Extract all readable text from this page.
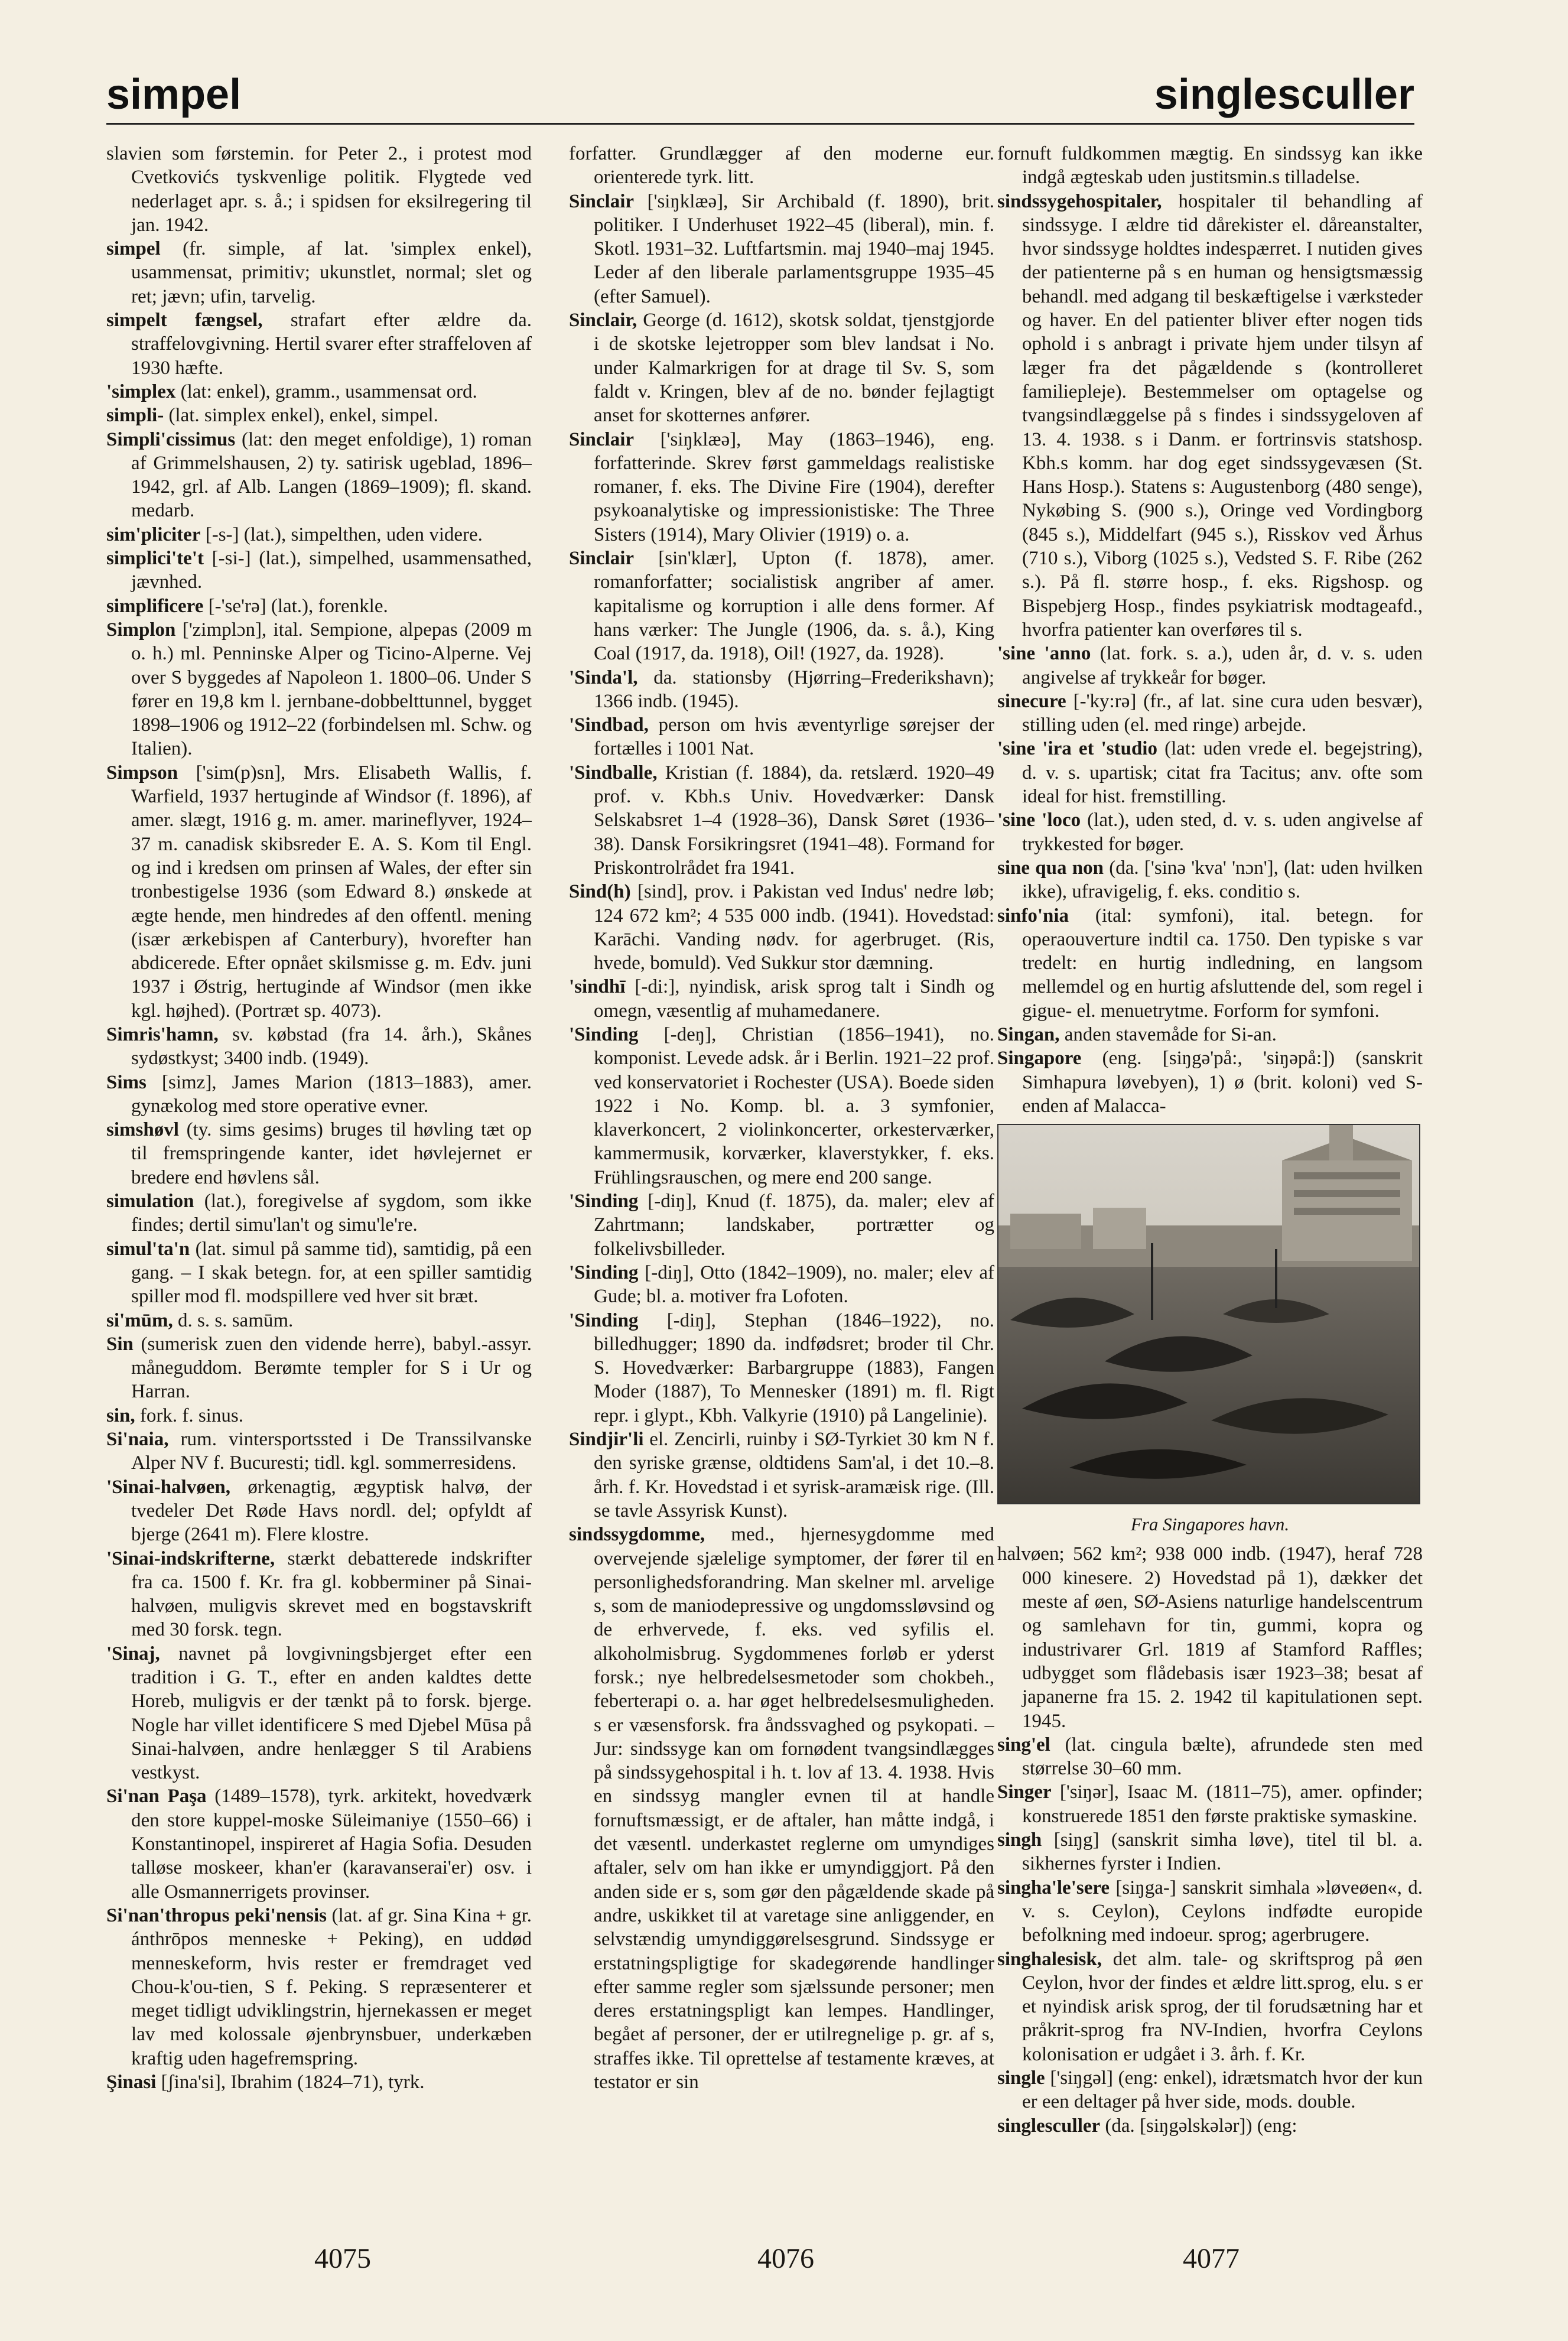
simpel	singlesculler

slavien som førstemin. for Peter 2., i protest mod Cvetkovićs tyskvenlige politik. Flygtede ved nederlaget apr. s. å.; i spidsen for eksilregering til jan. 1942.

simpel (fr. simple, af lat. 'simplex enkel), usammensat, primitiv; ukunstlet, normal; slet og ret; jævn; ufin, tarvelig.

simpelt fængsel, strafart efter ældre da. straffelovgivning. Hertil svarer efter straffeloven af 1930 hæfte.

'simplex (lat: enkel), gramm., usammensat ord.

simpli- (lat. simplex enkel), enkel, simpel.

Simpli'cissimus (lat: den meget enfoldige), 1) roman af Grimmelshausen, 2) ty. satirisk ugeblad, 1896–1942, grl. af Alb. Langen (1869–1909); fl. skand. medarb.

sim'pliciter [-s-] (lat.), simpelthen, uden videre.

simplici'te't [-si-] (lat.), simpelhed, usammensathed, jævnhed.

simplificere [-'se'rə] (lat.), forenkle.

Simplon ['zimplɔn], ital. Sempione, alpepas (2009 m o. h.) ml. Penninske Alper og Ticino-Alperne. Vej over S byggedes af Napoleon 1. 1800–06. Under S fører en 19,8 km l. jernbane-dobbelttunnel, bygget 1898–1906 og 1912–22 (forbindelsen ml. Schw. og Italien).

Simpson ['sim(p)sn], Mrs. Elisabeth Wallis, f. Warfield, 1937 hertuginde af Windsor (f. 1896), af amer. slægt, 1916 g. m. amer. marineflyver, 1924–37 m. canadisk skibsreder E. A. S. Kom til Engl. og ind i kredsen om prinsen af Wales, der efter sin tronbestigelse 1936 (som Edward 8.) ønskede at ægte hende, men hindredes af den offentl. mening (især ærkebispen af Canterbury), hvorefter han abdicerede. Efter opnået skilsmisse g. m. Edv. juni 1937 i Østrig, hertuginde af Windsor (men ikke kgl. højhed). (Portræt sp. 4073).

Simris'hamn, sv. købstad (fra 14. årh.), Skånes sydøstkyst; 3400 indb. (1949).

Sims [simz], James Marion (1813–1883), amer. gynækolog med store operative evner.

simshøvl (ty. sims gesims) bruges til høvling tæt op til fremspringende kanter, idet høvlejernet er bredere end høvlens sål.

simulation (lat.), foregivelse af sygdom, som ikke findes; dertil simu'lan't og simu'le're.

simul'ta'n (lat. simul på samme tid), samtidig, på een gang. – I skak betegn. for, at een spiller samtidig spiller mod fl. modspillere ved hver sit bræt.

si'mūm, d. s. s. samūm.

Sin (sumerisk zuen den vidende herre), babyl.-assyr. måneguddom. Berømte templer for S i Ur og Harran.

sin, fork. f. sinus.

Si'naia, rum. vintersportssted i De Transsilvanske Alper NV f. Bucuresti; tidl. kgl. sommerresidens.

'Sinai-halvøen, ørkenagtig, ægyptisk halvø, der tvedeler Det Røde Havs nordl. del; opfyldt af bjerge (2641 m). Flere klostre.

'Sinai-indskrifterne, stærkt debatterede indskrifter fra ca. 1500 f. Kr. fra gl. kobberminer på Sinai-halvøen, muligvis skrevet med en bogstavskrift med 30 forsk. tegn.

'Sinaj, navnet på lovgivningsbjerget efter een tradition i G. T., efter en anden kaldtes dette Horeb, muligvis er der tænkt på to forsk. bjerge. Nogle har villet identificere S med Djebel Mūsa på Sinai-halvøen, andre henlægger S til Arabiens vestkyst.

Si'nan Paşa (1489–1578), tyrk. arkitekt, hovedværk den store kuppel-moske Süleimaniye (1550–66) i Konstantinopel, inspireret af Hagia Sofia. Desuden talløse moskeer, khan'er (karavanserai'er) osv. i alle Osmannerrigets provinser.

Si'nan'thropus peki'nensis (lat. af gr. Sina Kina + gr. ánthrōpos menneske + Peking), en uddød menneskeform, hvis rester er fremdraget ved Chou-k'ou-tien, S f. Peking. S repræsenterer et meget tidligt udviklingstrin, hjernekassen er meget lav med kolossale øjenbrynsbuer, underkæben kraftig uden hagefremspring.

Şinasi [ʃina'si], Ibrahim (1824–71), tyrk.

forfatter. Grundlægger af den moderne eur. orienterede tyrk. litt.

Sinclair ['siŋklæə], Sir Archibald (f. 1890), brit. politiker. I Underhuset 1922–45 (liberal), min. f. Skotl. 1931–32. Luftfartsmin. maj 1940–maj 1945. Leder af den liberale parlamentsgruppe 1935–45 (efter Samuel).

Sinclair, George (d. 1612), skotsk soldat, tjenstgjorde i de skotske lejetropper som blev landsat i No. under Kalmarkrigen for at drage til Sv. S, som faldt v. Kringen, blev af de no. bønder fejlagtigt anset for skotternes anfører.

Sinclair ['siŋklæə], May (1863–1946), eng. forfatterinde. Skrev først gammeldags realistiske romaner, f. eks. The Divine Fire (1904), derefter psykoanalytiske og impressionistiske: The Three Sisters (1914), Mary Olivier (1919) o. a.

Sinclair [sin'klær], Upton (f. 1878), amer. romanforfatter; socialistisk angriber af amer. kapitalisme og korruption i alle dens former. Af hans værker: The Jungle (1906, da. s. å.), King Coal (1917, da. 1918), Oil! (1927, da. 1928).

'Sinda'l, da. stationsby (Hjørring–Frederikshavn); 1366 indb. (1945).

'Sindbad, person om hvis æventyrlige sørejser der fortælles i 1001 Nat.

'Sindballe, Kristian (f. 1884), da. retslærd. 1920–49 prof. v. Kbh.s Univ. Hovedværker: Dansk Selskabsret 1–4 (1928–36), Dansk Søret (1936–38). Dansk Forsikringsret (1941–48). Formand for Priskontrolrådet fra 1941.

Sind(h) [sind], prov. i Pakistan ved Indus' nedre løb; 124 672 km²; 4 535 000 indb. (1941). Hovedstad: Karāchi. Vanding nødv. for agerbruget. (Ris, hvede, bomuld). Ved Sukkur stor dæmning.

'sindhī [-di:], nyindisk, arisk sprog talt i Sindh og omegn, væsentlig af muhamedanere.

'Sinding [-deŋ], Christian (1856–1941), no. komponist. Levede adsk. år i Berlin. 1921–22 prof. ved konservatoriet i Rochester (USA). Boede siden 1922 i No. Komp. bl. a. 3 symfonier, klaverkoncert, 2 violinkoncerter, orkesterværker, kammermusik, korværker, klaverstykker, f. eks. Frühlingsrauschen, og mere end 200 sange.

'Sinding [-diŋ], Knud (f. 1875), da. maler; elev af Zahrtmann; landskaber, portrætter og folkelivsbilleder.

'Sinding [-diŋ], Otto (1842–1909), no. maler; elev af Gude; bl. a. motiver fra Lofoten.

'Sinding [-diŋ], Stephan (1846–1922), no. billedhugger; 1890 da. indfødsret; broder til Chr. S. Hovedværker: Barbargruppe (1883), Fangen Moder (1887), To Mennesker (1891) m. fl. Rigt repr. i glypt., Kbh. Valkyrie (1910) på Langelinie).

Sindjir'li el. Zencirli, ruinby i SØ-Tyrkiet 30 km N f. den syriske grænse, oldtidens Sam'al, i det 10.–8. årh. f. Kr. Hovedstad i et syrisk-aramæisk rige. (Ill. se tavle Assyrisk Kunst).

sindssygdomme, med., hjernesygdomme med overvejende sjælelige symptomer, der fører til en personlighedsforandring. Man skelner ml. arvelige s, som de maniodepressive og ungdomssløvsind og de erhvervede, f. eks. ved syfilis el. alkoholmisbrug. Sygdommenes forløb er yderst forsk.; nye helbredelsesmetoder som chokbeh., feberterapi o. a. har øget helbredelsesmuligheden. s er væsensforsk. fra åndssvaghed og psykopati. – Jur: sindssyge kan om fornødent tvangsindlægges på sindssygehospital i h. t. lov af 13. 4. 1938. Hvis en sindssyg mangler evnen til at handle fornuftsmæssigt, er de aftaler, han måtte indgå, i det væsentl. underkastet reglerne om umyndiges aftaler, selv om han ikke er umyndiggjort. På den anden side er s, som gør den pågældende skade på andre, uskikket til at varetage sine anliggender, en selvstændig umyndiggørelsesgrund. Sindssyge er erstatningspligtige for skadegørende handlinger efter samme regler som sjælssunde personer; men deres erstatningspligt kan lempes. Handlinger, begået af personer, der er utilregnelige p. gr. af s, straffes ikke. Til oprettelse af testamente kræves, at testator er sin

fornuft fuldkommen mægtig. En sindssyg kan ikke indgå ægteskab uden justitsmin.s tilladelse.

sindssygehospitaler, hospitaler til behandling af sindssyge. I ældre tid dårekister el. dåreanstalter, hvor sindssyge holdtes indespærret. I nutiden gives der patienterne på s en human og hensigtsmæssig behandl. med adgang til beskæftigelse i værksteder og haver. En del patienter bliver efter nogen tids ophold i s anbragt i private hjem under tilsyn af læger fra det pågældende s (kontrolleret familiepleje). Bestemmelser om optagelse og tvangsindlæggelse på s findes i sindssygeloven af 13. 4. 1938. s i Danm. er fortrinsvis statshosp. Kbh.s komm. har dog eget sindssygevæsen (St. Hans Hosp.). Statens s: Augustenborg (480 senge), Nykøbing S. (900 s.), Oringe ved Vordingborg (845 s.), Middelfart (945 s.), Risskov ved Århus (710 s.), Viborg (1025 s.), Vedsted S. F. Ribe (262 s.). På fl. større hosp., f. eks. Rigshosp. og Bispebjerg Hosp., findes psykiatrisk modtageafd., hvorfra patienter kan overføres til s.

'sine 'anno (lat. fork. s. a.), uden år, d. v. s. uden angivelse af trykkeår for bøger.

sinecure [-'ky:rə] (fr., af lat. sine cura uden besvær), stilling uden (el. med ringe) arbejde.

'sine 'ira et 'studio (lat: uden vrede el. begejstring), d. v. s. upartisk; citat fra Tacitus; anv. ofte som ideal for hist. fremstilling.

'sine 'loco (lat.), uden sted, d. v. s. uden angivelse af trykkested for bøger.

sine qua non (da. ['sinə 'kva' 'nɔn'], (lat: uden hvilken ikke), ufravigelig, f. eks. conditio s.

sinfo'nia (ital: symfoni), ital. betegn. for operaouverture indtil ca. 1750. Den typiske s var tredelt: en hurtig indledning, en langsom mellemdel og en hurtig afsluttende del, som regel i gigue- el. menuetrytme. Forform for symfoni.

Singan, anden stavemåde for Si-an.

Singapore (eng. [siŋgə'på:, 'siŋəpå:]) (sanskrit Simhapura løvebyen), 1) ø (brit. koloni) ved S-enden af Malacca-

Fra Singapores havn.

halvøen; 562 km²; 938 000 indb. (1947), heraf 728 000 kinesere. 2) Hovedstad på 1), dækker det meste af øen, SØ-Asiens naturlige handelscentrum og samlehavn for tin, gummi, kopra og industrivarer Grl. 1819 af Stamford Raffles; udbygget som flådebasis især 1923–38; besat af japanerne fra 15. 2. 1942 til kapitulationen sept. 1945.

sing'el (lat. cingula bælte), afrundede sten med størrelse 30–60 mm.

Singer ['siŋər], Isaac M. (1811–75), amer. opfinder; konstruerede 1851 den første praktiske symaskine.

singh [siŋg] (sanskrit simha løve), titel til bl. a. sikhernes fyrster i Indien.

singha'le'sere [siŋga-] sanskrit simhala »løveøen«, d. v. s. Ceylon), Ceylons indfødte europide befolkning med indoeur. sprog; agerbrugere.

singhalesisk, det alm. tale- og skriftsprog på øen Ceylon, hvor der findes et ældre litt.sprog, elu. s er et nyindisk arisk sprog, der til forudsætning har et pråkrit-sprog fra NV-Indien, hvorfra Ceylons kolonisation er udgået i 3. årh. f. Kr.

single ['siŋgəl] (eng: enkel), idrætsmatch hvor der kun er een deltager på hver side, mods. double.

singlesculler (da. [siŋgəlskələr]) (eng:

4075	4076	4077
